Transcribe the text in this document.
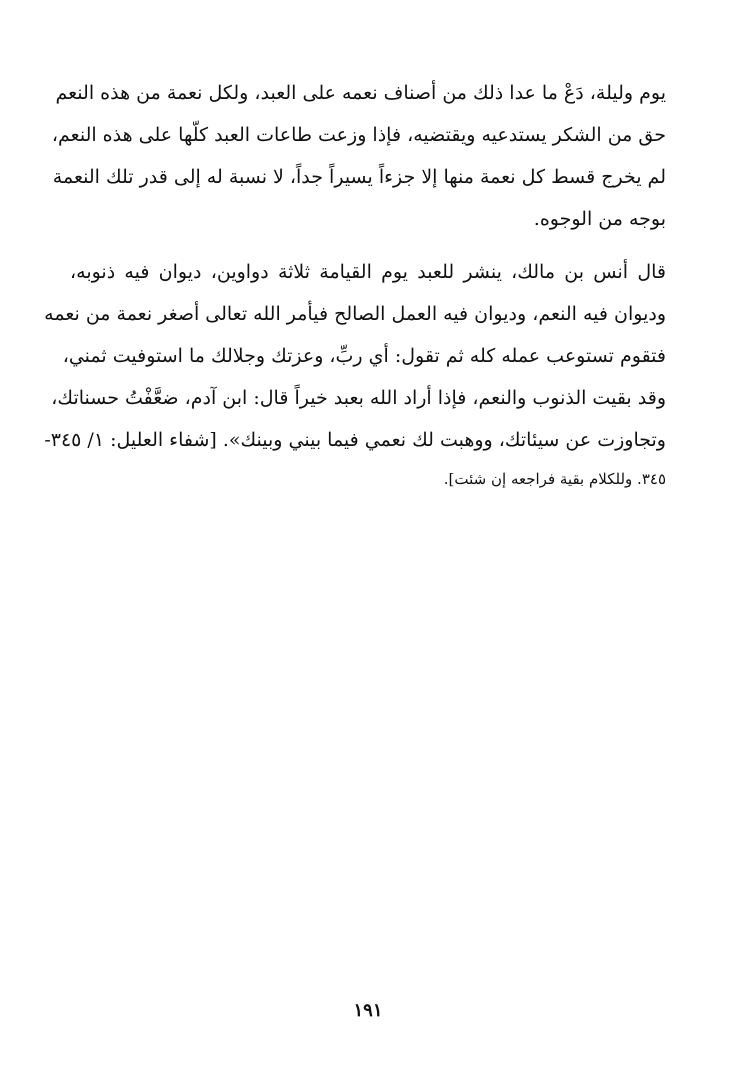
يوم وليلة، دَعْ ما عدا ذلك من أصناف نعمه على العبد، ولكل نعمة من هذه النعم
حق من الشكر يستدعيه ويقتضيه، فإذا وزعت طاعات العبد كلّها على هذه النعم،
لم يخرج قسط كل نعمة منها إلا جزءاً يسيراً جداً، لا نسبة له إلى قدر تلك النعمة
بوجه من الوجوه.
قال أنس بن مالك، ينشر للعبد يوم القيامة ثلاثة دواوين، ديوان فيه ذنوبه،
وديوان فيه النعم، وديوان فيه العمل الصالح فيأمر الله تعالى أصغر نعمة من نعمه
فتقوم تستوعب عمله كله ثم تقول: أي ربِّ، وعزتك وجلالك ما استوفيت ثمني،
وقد بقيت الذنوب والنعم، فإذا أراد الله بعبد خيراً قال: ابن آدم، ضعَّفْتُ حسناتك،
وتجاوزت عن سيئاتك، ووهبت لك نعمي فيما بيني وبينك». [شفاء العليل: ١/ ٣٤٥-
٣٤٥. وللكلام بقية فراجعه إن شئت].
١٩١
